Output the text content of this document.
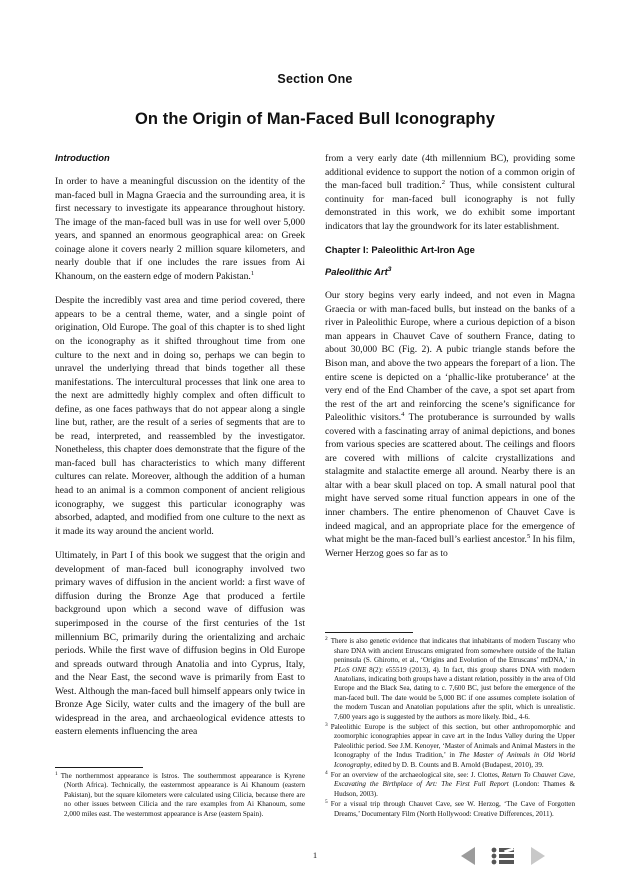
Section One
On the Origin of Man-Faced Bull Iconography
Introduction

In order to have a meaningful discussion on the identity of the man-faced bull in Magna Graecia and the surrounding area, it is first necessary to investigate its appearance throughout history. The image of the man-faced bull was in use for well over 5,000 years, and spanned an enormous geographical area: on Greek coinage alone it covers nearly 2 million square kilometers, and nearly double that if one includes the rare issues from Ai Khanoum, on the eastern edge of modern Pakistan.$^1$

Despite the incredibly vast area and time period covered, there appears to be a central theme, water, and a single point of origination, Old Europe. The goal of this chapter is to shed light on the iconography as it shifted throughout time from one culture to the next and in doing so, perhaps we can begin to unravel the underlying thread that binds together all these manifestations. The intercultural processes that link one area to the next are admittedly highly complex and often difficult to define, as one faces pathways that do not appear along a single line but, rather, are the result of a series of segments that are to be read, interpreted, and reassembled by the investigator. Nonetheless, this chapter does demonstrate that the figure of the man-faced bull has characteristics to which many different cultures can relate. Moreover, although the addition of a human head to an animal is a common component of ancient religious iconography, we suggest this particular iconography was absorbed, adapted, and modified from one culture to the next as it made its way around the ancient world.

Ultimately, in Part I of this book we suggest that the origin and development of man-faced bull iconography involved two primary waves of diffusion in the ancient world: a first wave of diffusion during the Bronze Age that produced a fertile background upon which a second wave of diffusion was superimposed in the course of the first centuries of the 1st millennium BC, primarily during the orientalizing and archaic periods. While the first wave of diffusion begins in Old Europe and spreads outward through Anatolia and into Cyprus, Italy, and the Near East, the second wave is primarily from East to West. Although the man-faced bull himself appears only twice in Bronze Age Sicily, water cults and the imagery of the bull are widespread in the area, and archaeological evidence attests to eastern elements influencing the area

$^1$ The northernmost appearance is Istros. The southernmost appearance is Kyrene (North Africa). Technically, the easternmost appearance is Ai Khanoum (eastern Pakistan), but the square kilometers were calculated using Cilicia, because there are no other issues between Cilicia and the rare examples from Ai Khanoum, some 2,000 miles east. The westernmost appearance is Arse (eastern Spain).

from a very early date (4th millennium BC), providing some additional evidence to support the notion of a common origin of the man-faced bull tradition.$^2$ Thus, while consistent cultural continuity for man-faced bull iconography is not fully demonstrated in this work, we do exhibit some important indicators that lay the groundwork for its later establishment.

Chapter I: Paleolithic Art-Iron Age
Paleolithic Art$^3$

Our story begins very early indeed, and not even in Magna Graecia or with man-faced bulls, but instead on the banks of a river in Paleolithic Europe, where a curious depiction of a bison man appears in Chauvet Cave of southern France, dating to about 30,000 BC (Fig. 2). A pubic triangle stands before the Bison man, and above the two appears the forepart of a lion. The entire scene is depicted on a ‘phallic-like protuberance’ at the very end of the End Chamber of the cave, a spot set apart from the rest of the art and reinforcing the scene’s significance for Paleolithic visitors.$^4$ The protuberance is surrounded by walls covered with a fascinating array of animal depictions, and bones from various species are scattered about. The ceilings and floors are covered with millions of calcite crystallizations and stalagmite and stalactite emerge all around. Nearby there is an altar with a bear skull placed on top. A small natural pool that might have served some ritual function appears in one of the inner chambers. The entire phenomenon of Chauvet Cave is indeed magical, and an appropriate place for the emergence of what might be the man-faced bull’s earliest ancestor.$^5$ In his film, Werner Herzog goes so far as to

$^2$ There is also genetic evidence that indicates that inhabitants of modern Tuscany who share DNA with ancient Etruscans emigrated from somewhere outside of the Italian peninsula (S. Ghirotto, et al., ‘Origins and Evolution of the Etruscans’ mtDNA,’ in PLoS ONE 8(2): e55519 (2013), 4). In fact, this group shares DNA with modern Anatolians, indicating both groups have a distant relation, possibly in the area of Old Europe and the Black Sea, dating to c. 7,600 BC, just before the emergence of the man-faced bull. The date would be 5,000 BC if one assumes complete isolation of the modern Tuscan and Anatolian populations after the split, which is unrealistic. 7,600 years ago is suggested by the authors as more likely. Ibid., 4-6.

$^3$ Paleolithic Europe is the subject of this section, but other anthropomorphic and zoomorphic iconographies appear in cave art in the Indus Valley during the Upper Paleolithic period. See J.M. Kenoyer, ‘Master of Animals and Animal Masters in the Iconography of the Indus Tradition,’ in The Master of Animals in Old World Iconography, edited by D. B. Counts and B. Arnold (Budapest, 2010), 39.

$^4$ For an overview of the archaeological site, see: J. Clottes, Return To Chauvet Cave, Excavating the Birthplace of Art: The First Full Report (London: Thames & Hudson, 2003).

$^5$ For a visual trip through Chauvet Cave, see W. Herzog, ‘The Cave of Forgotten Dreams,’ Documentary Film (North Hollywood: Creative Differences, 2011).

1
